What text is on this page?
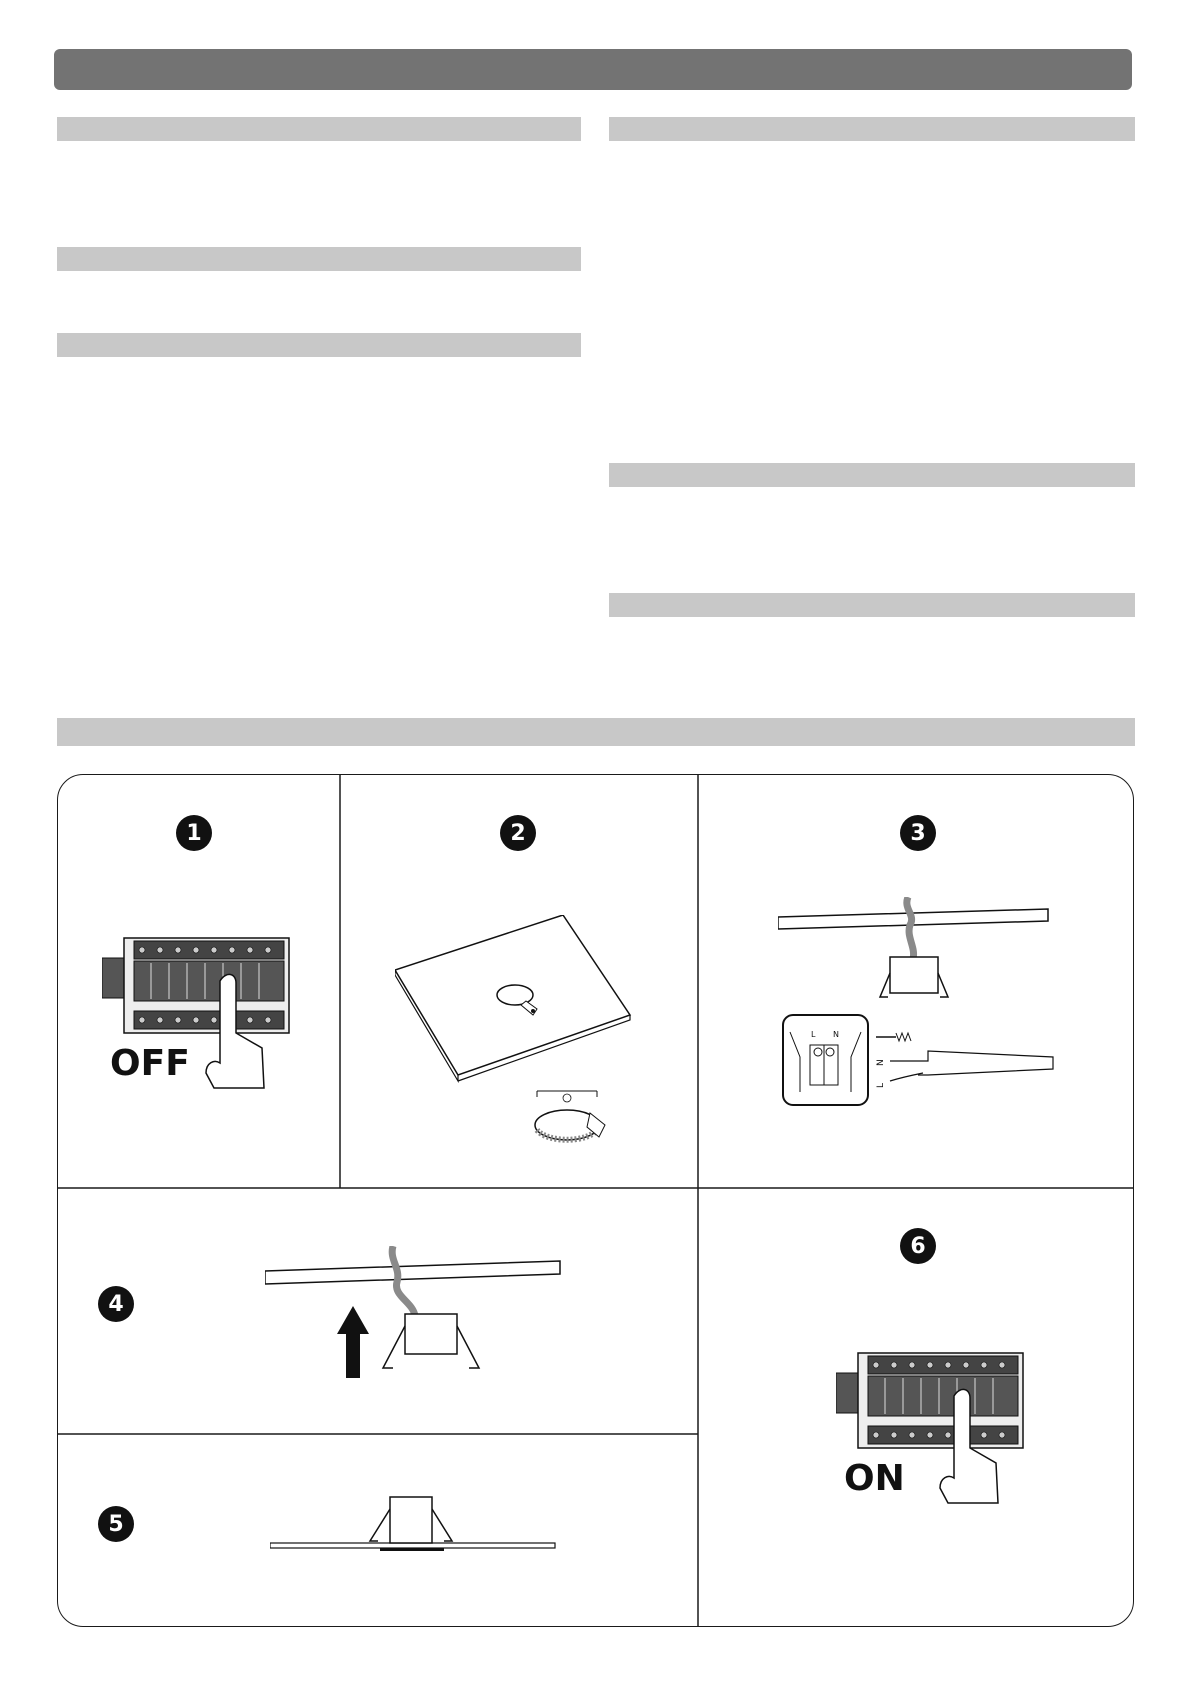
1
OFF
2	3
L N
N
L
4
5
6
ON
